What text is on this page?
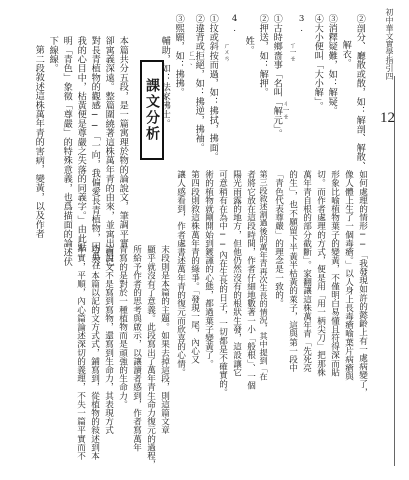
初中華文實學指引四
12
②剖分、廳散或散，如：解剖、解散、
解衣。
③消釋疑難，如：解疑。
④大小便叫「大小解」。
3.
ㄒ一ㄝ
①古時鄉嗇事「名叫「解元」。 ㄐ一ㄝ
②押送，如：解押。
姓。
4.
ㄏㄨㄢ
①抆或斜按而過，如：拂拭，拂面。
②違背或拒絕，如：拂逆，拂袖。
ㄈ一ˋ
③煕願，如：拂拂。
輔助，如：法家拂士。
課文分析
本篇共分五段，是一篇寓理於物的論說文，筆調平實
卻寓義深遠。整篇圍繞著這株萬年青的由來，並寓出自己
對長青植物的觀感──「一向，我偏愛長青植物，因爲在
我的心目中，枯黃便是尊嚴之失落的同義字。」由此點
明「青色」象徵「尊嚴」的特殊意義，也爲描面的論述伏
下線線。
第二段敘述這株萬年青的害病，變黃，以及作者
如何處理的情形──「我發現如許的懿齡上有一處病變了，
像人體上生了一個毒瘡。」以人身上長毒瘡喻葉片病瘡與
形象比喻植物葉子的變黃，不僅明白易懂且符得深而貼
切。而作者處理的方式，便是用「用一柄尖刀」把那株
萬年青自根的部分截斷」。家翻讓這株萬年青「先死亮
的生」，也不願留下半黃半枯黃的萊子，這與第一段中
「青色代表尊嚴」的理念是一致的。
第三段敘述割過後的萬年青再次生長的情況，其中提到「在
者將它放在這段時間，作者仔細地數著一小「般根」、一個
陽光雨露的地方，但他仍然沒有的根狀生發，這設讓它
可意稍有在為中──內在生長的日子，一切都是不確實的。
術的植物就剛開始到鍍謹的心態，都過葉子變黃了。
第四段則敘這株萬年青的綠爭。「發現一尾，內心又
讓人感看到，作者處書述萬年青的復元而欣喜的心情。
末段則是本篇的主題。如果去掉這段，則這篇文章
顯乎就沒有了意義。此段寫出了萬年青生命力復元的過程，
所給予作者的思考與啟示，以讓讀者感到，作者寫萬年
青寫的是對於一種植物而是頑強的生命力。
論說文不是寫到寫物，還寫到生命力，其表現方式
功夫，本篇以記的文方式式，鋪寫到，從植物的敍述到本
平實，平順，內心篇論述深切的義理，不失一篇平實而不
